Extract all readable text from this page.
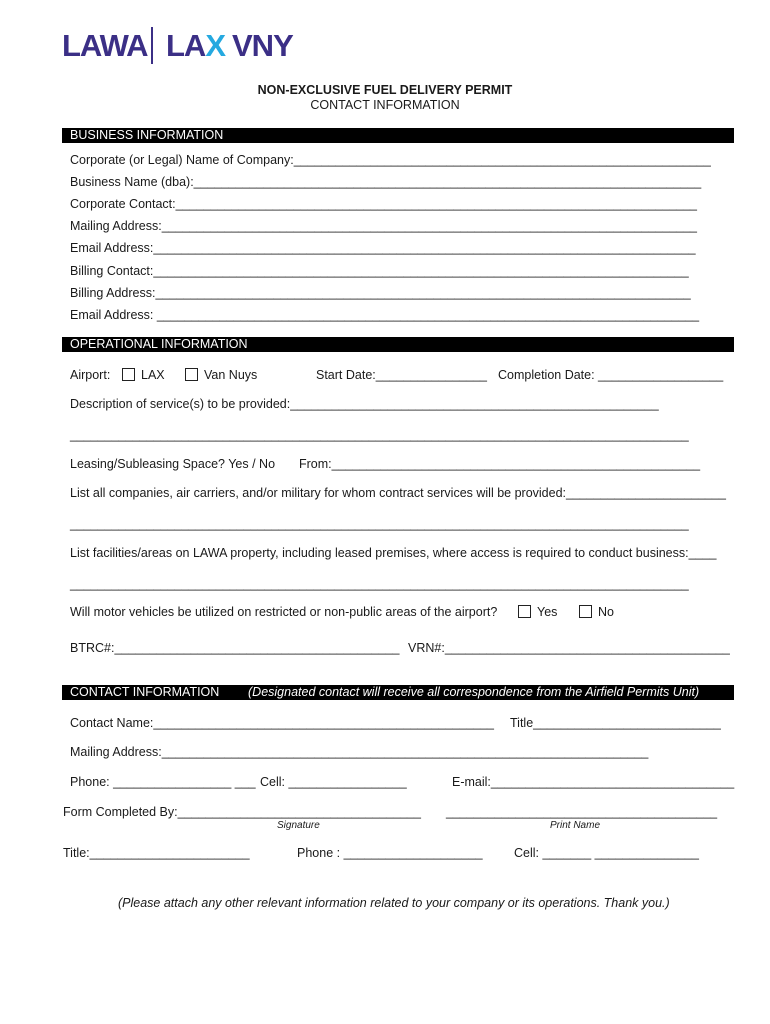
LAWA LAX VNY
NON-EXCLUSIVE FUEL DELIVERY PERMIT
CONTACT INFORMATION
BUSINESS INFORMATION
Corporate (or Legal) Name of Company:____________________________________________________________
Business Name (dba):_________________________________________________________________________
Corporate Contact:___________________________________________________________________________
Mailing Address:_____________________________________________________________________________
Email Address:______________________________________________________________________________
Billing Contact:_____________________________________________________________________________
Billing Address:_____________________________________________________________________________
Email Address: ______________________________________________________________________________
OPERATIONAL INFORMATION
Airport:	LAX	Van Nuys	Start Date:________________ Completion Date: __________________
Description of service(s) to be provided:_____________________________________________________
_________________________________________________________________________________________
Leasing/Subleasing Space? Yes / No From:_____________________________________________________
List all companies, air carriers, and/or military for whom contract services will be provided:_______________________
_________________________________________________________________________________________
List facilities/areas on LAWA property, including leased premises, where access is required to conduct business:____
_________________________________________________________________________________________
Will motor vehicles be utilized on restricted or non-public areas of the airport?	Yes	No
BTRC#:_________________________________________ VRN#:_________________________________________
CONTACT INFORMATION (Designated contact will receive all correspondence from the Airfield Permits Unit)
Contact Name:_________________________________________________ Title___________________________
Mailing Address:______________________________________________________________________
Phone: _________________ ___ Cell: _________________	E-mail:___________________________________
Form Completed By:___________________________________ _______________________________________
Signature	Print Name
Title:_______________________	Phone : ____________________	Cell: _______ _______________
(Please attach any other relevant information related to your company or its operations. Thank you.)
